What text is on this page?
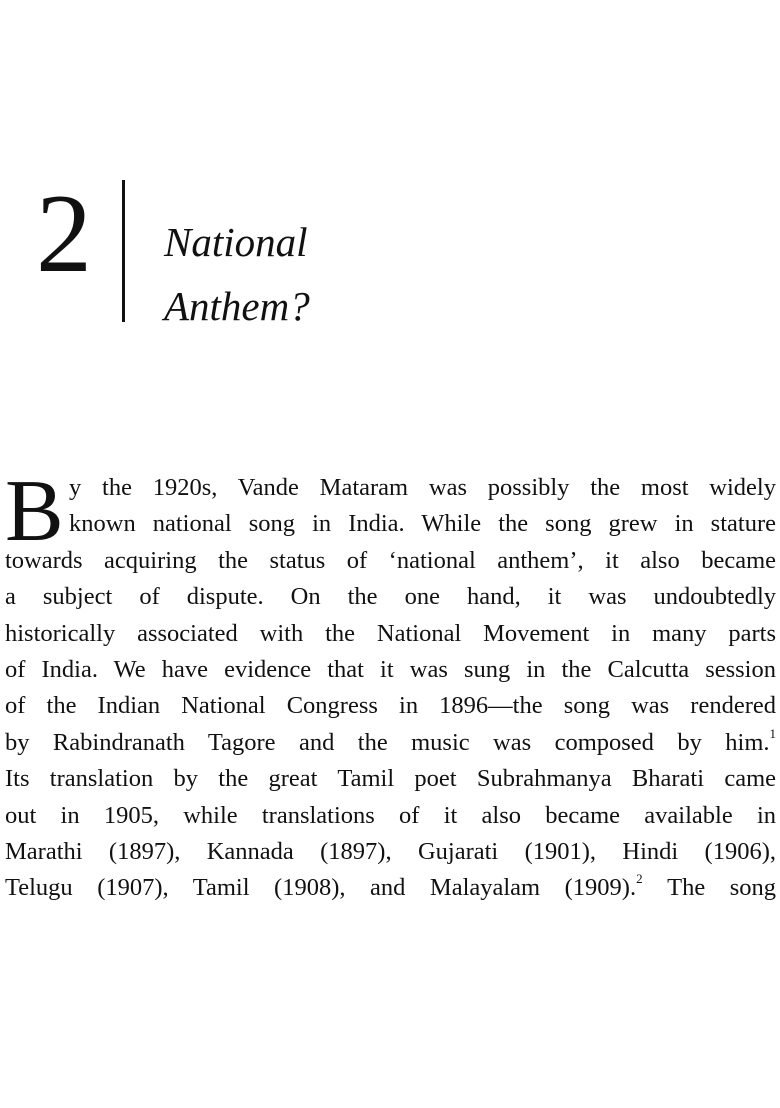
2 National
Anthem?
B y the 1920s, Vande Mataram was possibly the most widely
known national song in India. While the song grew in stature
towards acquiring the status of ‘national anthem’, it also became
a subject of dispute. On the one hand, it was undoubtedly
historically associated with the National Movement in many parts
of India. We have evidence that it was sung in the Calcutta session
of the Indian National Congress in 1896—the song was rendered
by Rabindranath Tagore and the music was composed by him.$^1$
Its translation by the great Tamil poet Subrahmanya Bharati came
out in 1905, while translations of it also became available in
Marathi (1897), Kannada (1897), Gujarati (1901), Hindi (1906),
Telugu (1907), Tamil (1908), and Malayalam (1909).$^2$ The song
